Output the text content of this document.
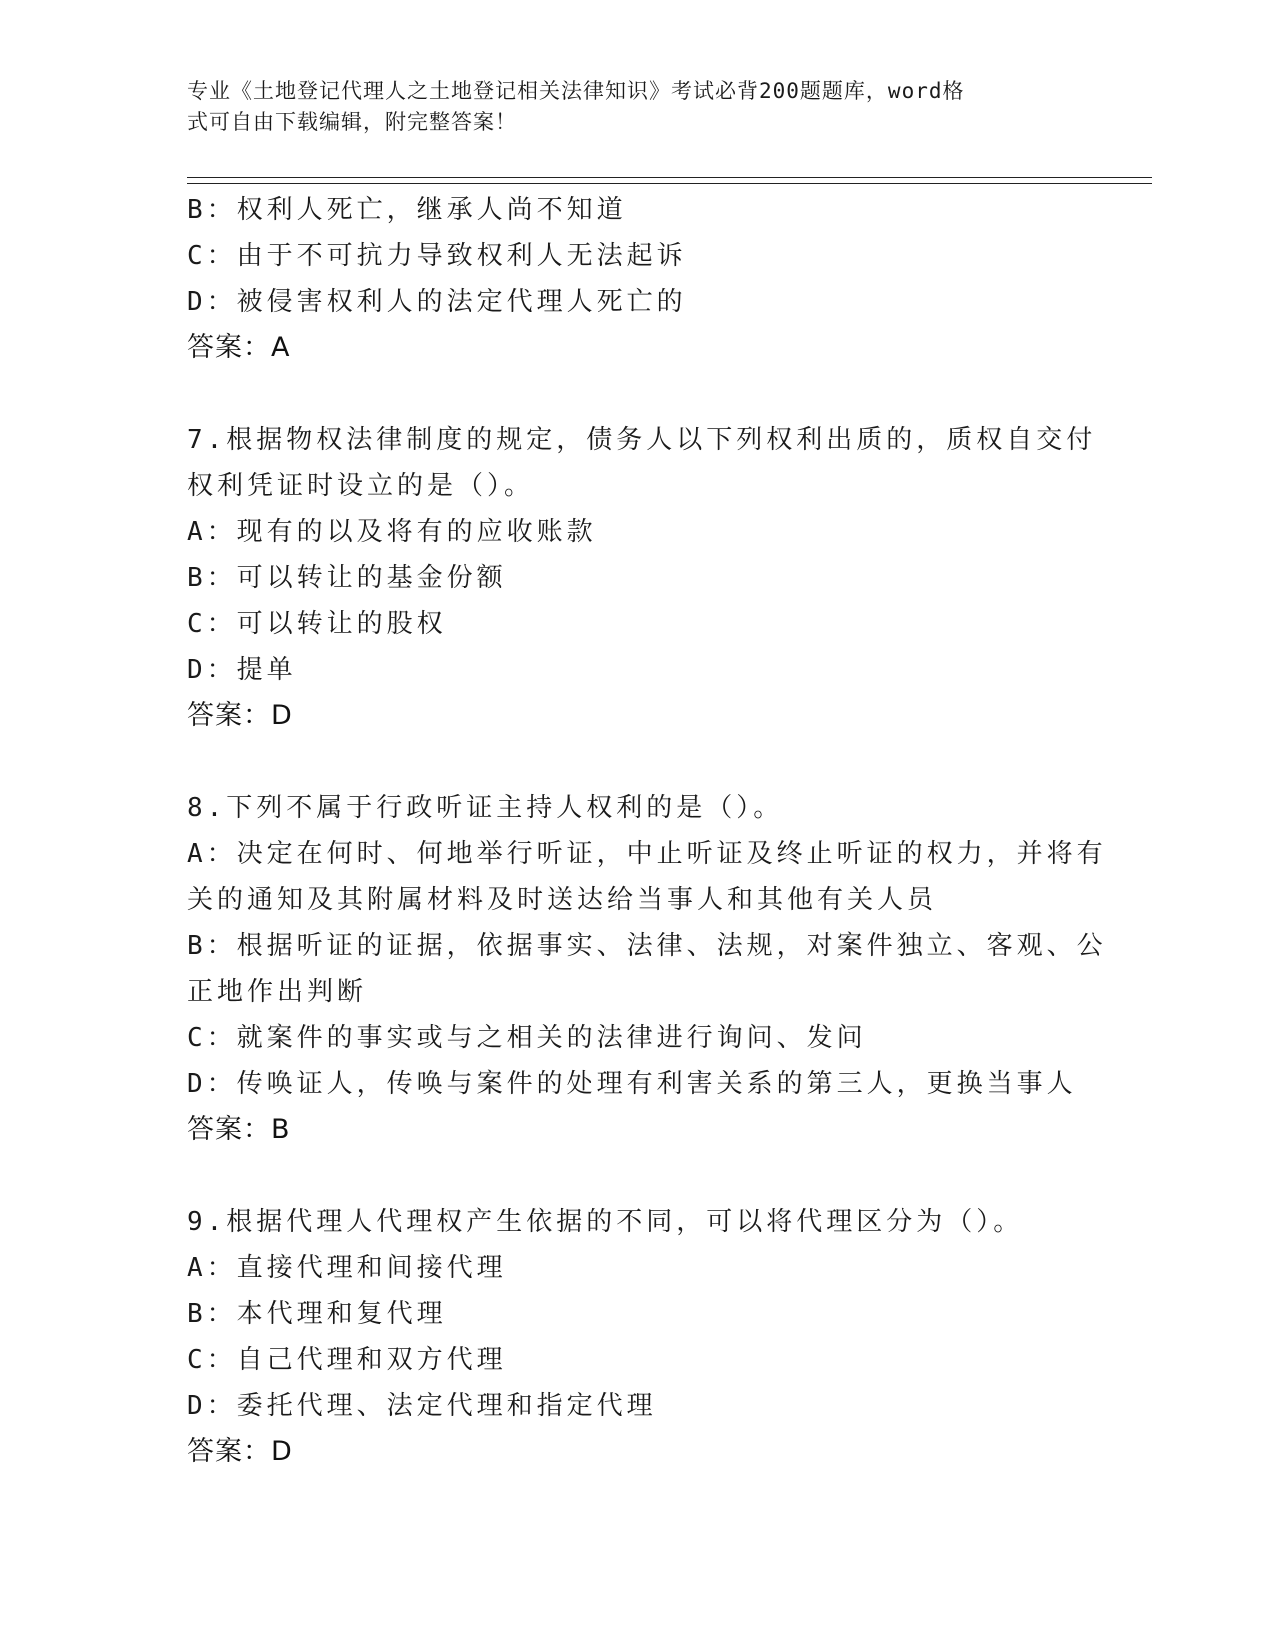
专业《土地登记代理人之土地登记相关法律知识》考试必背200题题库，word格
式可自由下载编辑，附完整答案！
B：权利人死亡，继承人尚不知道
C：由于不可抗力导致权利人无法起诉
D：被侵害权利人的法定代理人死亡的
答案：A
7.根据物权法律制度的规定，债务人以下列权利出质的，质权自交付
权利凭证时设立的是（）。
A：现有的以及将有的应收账款
B：可以转让的基金份额
C：可以转让的股权
D：提单
答案：D
8.下列不属于行政听证主持人权利的是（）。
A：决定在何时、何地举行听证，中止听证及终止听证的权力，并将有
关的通知及其附属材料及时送达给当事人和其他有关人员
B：根据听证的证据，依据事实、法律、法规，对案件独立、客观、公
正地作出判断
C：就案件的事实或与之相关的法律进行询问、发问
D：传唤证人，传唤与案件的处理有利害关系的第三人，更换当事人
答案：B
9.根据代理人代理权产生依据的不同，可以将代理区分为（）。
A：直接代理和间接代理
B：本代理和复代理
C：自己代理和双方代理
D：委托代理、法定代理和指定代理
答案：D
